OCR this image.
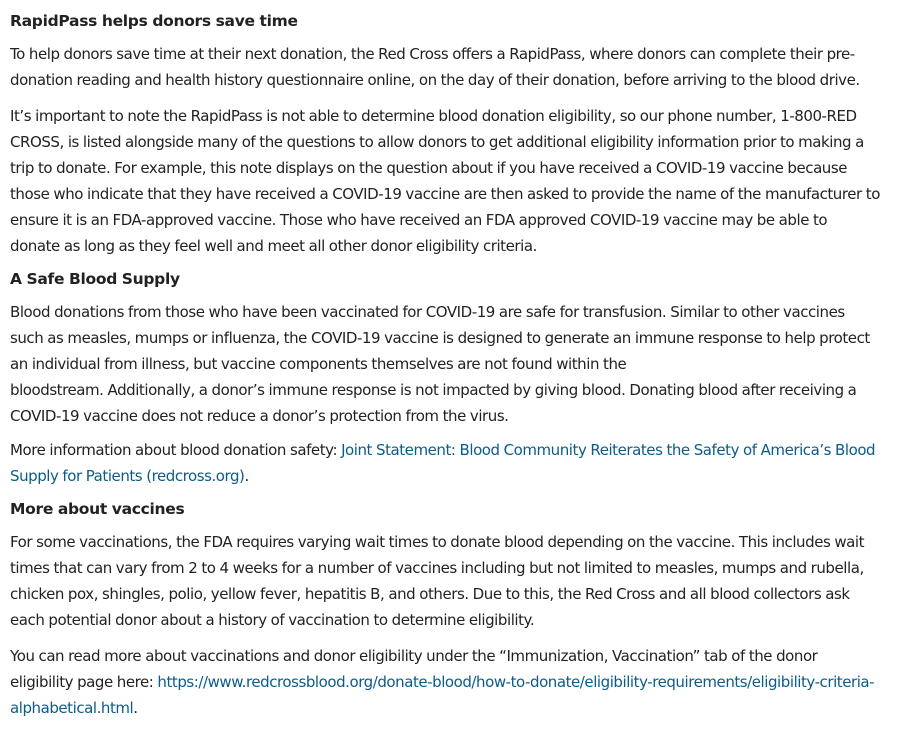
RapidPass helps donors save time

To help donors save time at their next donation, the Red Cross offers a RapidPass, where donors can complete their pre-donation reading and health history questionnaire online, on the day of their donation, before arriving to the blood drive.

It’s important to note the RapidPass is not able to determine blood donation eligibility, so our phone number, 1-800-RED CROSS, is listed alongside many of the questions to allow donors to get additional eligibility information prior to making a trip to donate. For example, this note displays on the question about if you have received a COVID-19 vaccine because those who indicate that they have received a COVID-19 vaccine are then asked to provide the name of the manufacturer to ensure it is an FDA-approved vaccine. Those who have received an FDA approved COVID-19 vaccine may be able to donate as long as they feel well and meet all other donor eligibility criteria.

A Safe Blood Supply

Blood donations from those who have been vaccinated for COVID-19 are safe for transfusion. Similar to other vaccines such as measles, mumps or influenza, the COVID-19 vaccine is designed to generate an immune response to help protect an individual from illness, but vaccine components themselves are not found within the
bloodstream. Additionally, a donor’s immune response is not impacted by giving blood. Donating blood after receiving a COVID-19 vaccine does not reduce a donor’s protection from the virus.

More information about blood donation safety: Joint Statement: Blood Community Reiterates the Safety of America’s Blood Supply for Patients (redcross.org).

More about vaccines

For some vaccinations, the FDA requires varying wait times to donate blood depending on the vaccine. This includes wait times that can vary from 2 to 4 weeks for a number of vaccines including but not limited to measles, mumps and rubella, chicken pox, shingles, polio, yellow fever, hepatitis B, and others. Due to this, the Red Cross and all blood collectors ask each potential donor about a history of vaccination to determine eligibility.

You can read more about vaccinations and donor eligibility under the “Immunization, Vaccination” tab of the donor eligibility page here: https://www.redcrossblood.org/donate-blood/how-to-donate/eligibility-requirements/eligibility-criteria-alphabetical.html.
